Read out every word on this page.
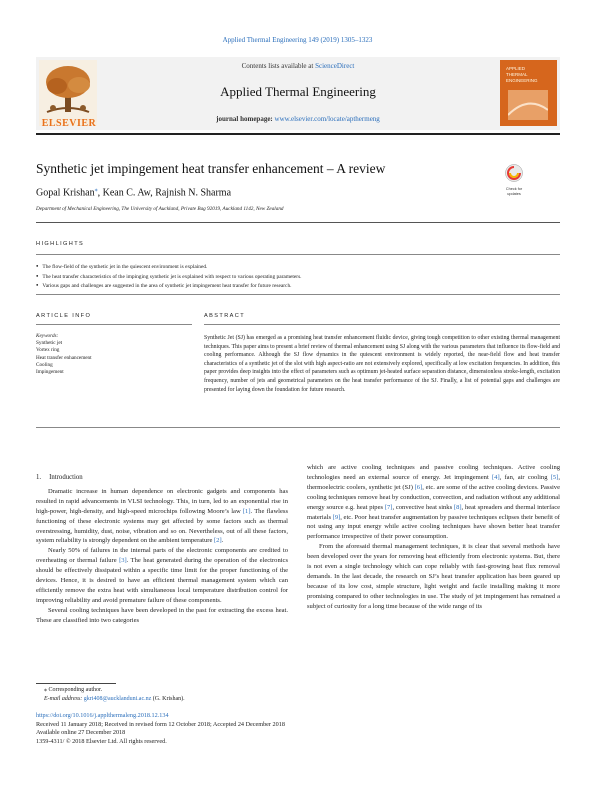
Applied Thermal Engineering 149 (2019) 1305–1323
ELSEVIER
Contents lists available at ScienceDirect
Applied Thermal Engineering
journal homepage: www.elsevier.com/locate/apthermeng
APPLIED
THERMAL
ENGINEERING
Synthetic jet impingement heat transfer enhancement – A review
Check for updates
Gopal Krishan⁎, Kean C. Aw, Rajnish N. Sharma
Department of Mechanical Engineering, The University of Auckland, Private Bag 92019, Auckland 1142, New Zealand
HIGHLIGHTS
● The flow-field of the synthetic jet in the quiescent environment is explained.
● The heat transfer characteristics of the impinging synthetic jet is explained with respect to various operating parameters.
● Various gaps and challenges are suggested in the area of synthetic jet impingement heat transfer for future research.
ARTICLE INFO	ABSTRACT
Keywords:
Synthetic jet
Vortex ring
Heat transfer enhancement
Cooling
Impingement
Synthetic Jet (SJ) has emerged as a promising heat transfer enhancement fluidic device, giving tough competition to other existing thermal management techniques. This paper aims to present a brief review of thermal enhancement using SJ along with the various parameters that influence its flow-field and cooling performance. Although the SJ flow dynamics in the quiescent environment is widely reported, the near-field flow and heat transfer characteristics of a synthetic jet of the slot with high aspect-ratio are not extensively explored, specifically at low excitation frequencies. In addition, this paper provides deep insights into the effect of parameters such as optimum jet-heated surface separation distance, dimensionless stroke-length, excitation frequency, number of jets and geometrical parameters on the heat transfer performance of the SJ. Finally, a list of potential gaps and challenges are presented for laying down the foundation for future research.
1. Introduction

Dramatic increase in human dependence on electronic gadgets and components has resulted in rapid advancements in VLSI technology. This, in turn, led to an exponential rise in high-power, high-density, and high-speed microchips following Moore’s law [1]. The flawless functioning of these electronic systems may get affected by some factors such as thermal overstressing, humidity, dust, noise, vibration and so on. Nevertheless, out of all these factors, system reliability is strongly dependent on the ambient temperature [2].

Nearly 50% of failures in the internal parts of the electronic components are credited to overheating or thermal failure [3]. The heat generated during the operation of the electronics should be effectively dissipated within a specific time limit for the proper functioning of the devices. Hence, it is desired to have an efficient thermal management system which can efficiently remove the extra heat with simultaneous local temperature distribution control for improving reliability and avoid premature failure of these components.

Several cooling techniques have been developed in the past for extracting the excess heat. These are classified into two categories

which are active cooling techniques and passive cooling techniques. Active cooling technologies need an external source of energy. Jet impingement [4], fan, air cooling [5], thermoelectric coolers, synthetic jet (SJ) [6], etc. are some of the active cooling devices. Passive cooling techniques remove heat by conduction, convection, and radiation without any additional energy source e.g. heat pipes [7], convective heat sinks [8], heat spreaders and thermal interface materials [9], etc. Poor heat transfer augmentation by passive techniques eclipses their benefit of not using any input energy while active cooling techniques have shown better heat transfer performance irrespective of their power consumption.

From the aforesaid thermal management techniques, it is clear that several methods have been developed over the years for removing heat efficiently from electronic systems. But, there is not even a single technology which can cope reliably with fast-growing heat flux removal demands. In the last decade, the research on SJ’s heat transfer application has been geared up because of its low cost, simple structure, light weight and facile installing making it more promising compared to other technologies in use. The study of jet impingement has remained a subject of curiosity for a long time because of the wide range of its

⁎ Corresponding author.
E-mail address: gkri408@aucklanduni.ac.nz (G. Krishan).
https://doi.org/10.1016/j.applthermaleng.2018.12.134
Received 11 January 2018; Received in revised form 12 October 2018; Accepted 24 December 2018
Available online 27 December 2018
1359-4311/ © 2018 Elsevier Ltd. All rights reserved.
